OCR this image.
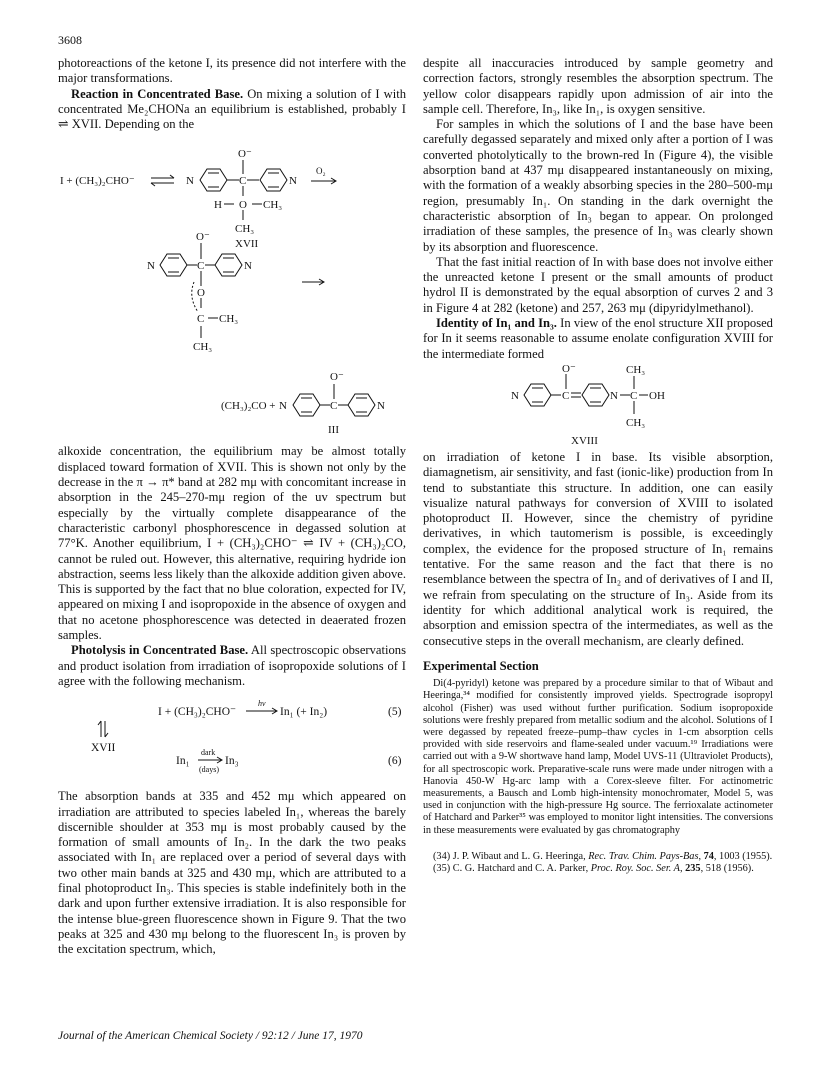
3608

photoreactions of the ketone I, its presence did not interfere with the major transformations.

Reaction in Concentrated Base. On mixing a solution of I with concentrated Me₂CHONa an equilibrium is established, probably I ⇌ XVII. Depending on the

I + (CH₃)₂CHO⁻	N	C	N
O⁻
H O CH₃
CH₃
XVII
O₂
O⁻
N	C	N
O
C CH₃
CH₃
O⁻
(CH₃)₂CO + N	C	N
III

alkoxide concentration, the equilibrium may be almost totally displaced toward formation of XVII. This is shown not only by the decrease in the π → π* band at 282 mμ with concomitant increase in absorption in the 245–270-mμ region of the uv spectrum but especially by the virtually complete disappearance of the characteristic carbonyl phosphorescence in degassed solution at 77°K. Another equilibrium, I + (CH₃)₂CHO⁻ ⇌ IV + (CH₃)₂CO, cannot be ruled out. However, this alternative, requiring hydride ion abstraction, seems less likely than the alkoxide addition given above. This is supported by the fact that no blue coloration, expected for IV, appeared on mixing I and isopropoxide in the absence of oxygen and that no acetone phosphorescence was detected in deaerated frozen samples.

Photolysis in Concentrated Base. All spectroscopic observations and product isolation from irradiation of isopropoxide solutions of I agree with the following mechanism.

I + (CH₃)₂CHO⁻
hν
In₁ (+ In₂)	(5)
XVII
In₁
dark
(days)
In₃	(6)

The absorption bands at 335 and 452 mμ which appeared on irradiation are attributed to species labeled In₁, whereas the barely discernible shoulder at 353 mμ is most probably caused by the formation of small amounts of In₂. In the dark the two peaks associated with In₁ are replaced over a period of several days with two other main bands at 325 and 430 mμ, which are attributed to a final photoproduct In₃. This species is stable indefinitely both in the dark and upon further extensive irradiation. It is also responsible for the intense blue-green fluorescence shown in Figure 9. That the two peaks at 325 and 430 mμ belong to the fluorescent In₃ is proven by the excitation spectrum, which,

despite all inaccuracies introduced by sample geometry and correction factors, strongly resembles the absorption spectrum. The yellow color disappears rapidly upon admission of air into the sample cell. Therefore, In₃, like In₁, is oxygen sensitive.

For samples in which the solutions of I and the base have been carefully degassed separately and mixed only after a portion of I was converted photolytically to the brown-red In (Figure 4), the visible absorption band at 437 mμ disappeared instantaneously on mixing, with the formation of a weakly absorbing species in the 280–500-mμ region, presumably In₁. On standing in the dark overnight the characteristic absorption of In₃ began to appear. On prolonged irradiation of these samples, the presence of In₃ was clearly shown by its absorption and fluorescence.

That the fast initial reaction of In with base does not involve either the unreacted ketone I present or the small amounts of product hydrol II is demonstrated by the equal absorption of curves 2 and 3 in Figure 4 at 282 (ketone) and 257, 263 mμ (dipyridylmethanol).

Identity of In₁ and In₃. In view of the enol structure XII proposed for In it seems reasonable to assume enolate configuration XVIII for the intermediate formed

O⁻	CH₃
N	C	N C OH
CH₃
XVIII

on irradiation of ketone I in base. Its visible absorption, diamagnetism, air sensitivity, and fast (ionic-like) production from In tend to substantiate this structure. In addition, one can easily visualize natural pathways for conversion of XVIII to isolated photoproduct II. However, since the chemistry of pyridine derivatives, in which tautomerism is possible, is exceedingly complex, the evidence for the proposed structure of In₁ remains tentative. For the same reason and the fact that there is no resemblance between the spectra of In₂ and of derivatives of I and II, we refrain from speculating on the structure of In₃. Aside from its identity for which additional analytical work is required, the absorption and emission spectra of the intermediates, as well as the consecutive steps in the overall mechanism, are clearly defined.

Experimental Section

Di(4-pyridyl) ketone was prepared by a procedure similar to that of Wibaut and Heeringa,³⁴ modified for consistently improved yields. Spectrograde isopropyl alcohol (Fisher) was used without further purification. Sodium isopropoxide solutions were freshly prepared from metallic sodium and the alcohol. Solutions of I were degassed by repeated freeze–pump–thaw cycles in 1-cm absorption cells provided with side reservoirs and flame-sealed under vacuum.¹⁹ Irradiations were carried out with a 9-W shortwave hand lamp, Model UVS-11 (Ultraviolet Products), for all spectroscopic work. Preparative-scale runs were made under nitrogen with a Hanovia 450-W Hg-arc lamp with a Corex-sleeve filter. For actinometric measurements, a Bausch and Lomb high-intensity monochromater, Model 5, was used in conjunction with the high-pressure Hg source. The ferrioxalate actinometer of Hatchard and Parker³⁵ was employed to monitor light intensities. The conversions in these measurements were evaluated by gas chromatography

(34) J. P. Wibaut and L. G. Heeringa, Rec. Trav. Chim. Pays-Bas, 74, 1003 (1955).

(35) C. G. Hatchard and C. A. Parker, Proc. Roy. Soc. Ser. A, 235, 518 (1956).

Journal of the American Chemical Society / 92:12 / June 17, 1970
